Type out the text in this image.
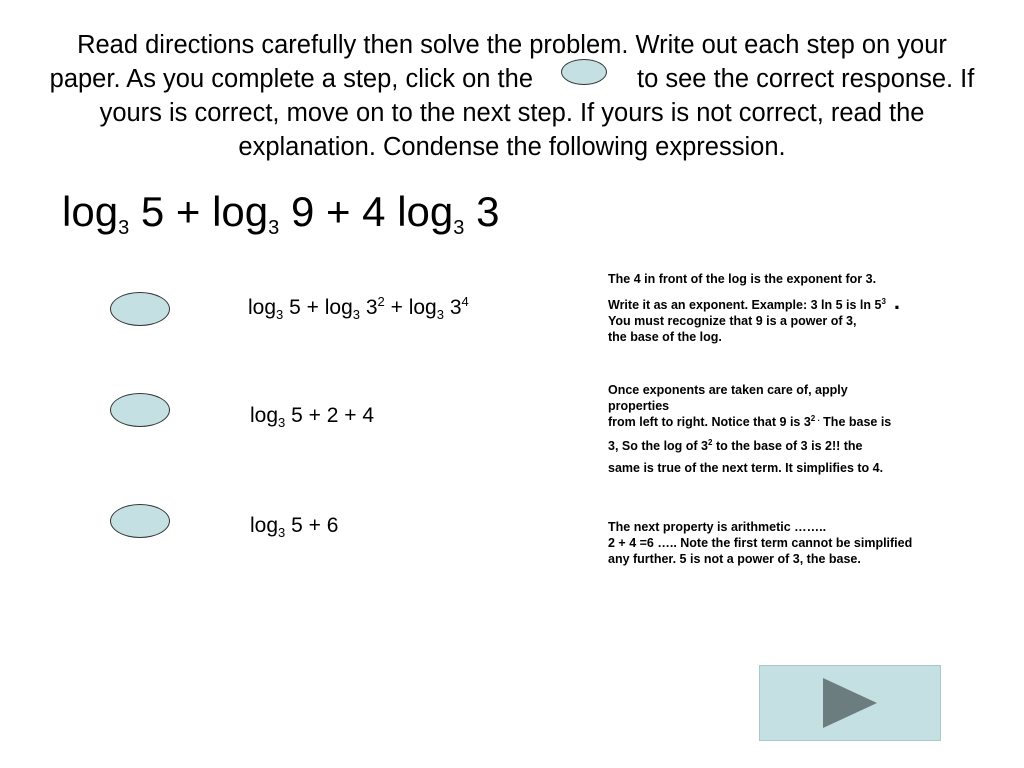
Read directions carefully then solve the problem. Write out each step on your paper. As you complete a step, click on the	to see the correct response. If yours is correct, move on to the next step. If yours is not correct, read the explanation. Condense the following expression.
$\log_3 5 + \log_3 9 + 4$ $\log_3 3$
$\log_3 5 + \log_3 3^2 + \log_3 3^4$
$\log_3 5 + 2 + 4$
$\log_3 5 + 6$

The 4 in front of the log is the exponent for 3.

Write it as an exponent. Example: 3 ln 5 is $\ln 5^3$ .

You must recognize that 9 is a power of 3,

the base of the log.

Once exponents are taken care of, apply

properties

from left to right. Notice that 9 is $3^{2 .}$ The base is

3, So the log of $3^2$ to the base of 3 is 2!! the

same is true of the next term. It simplifies to 4.

The next property is arithmetic ……..

2 + 4 =6 ….. Note the first term cannot be simplified

any further. 5 is not a power of 3, the base.
